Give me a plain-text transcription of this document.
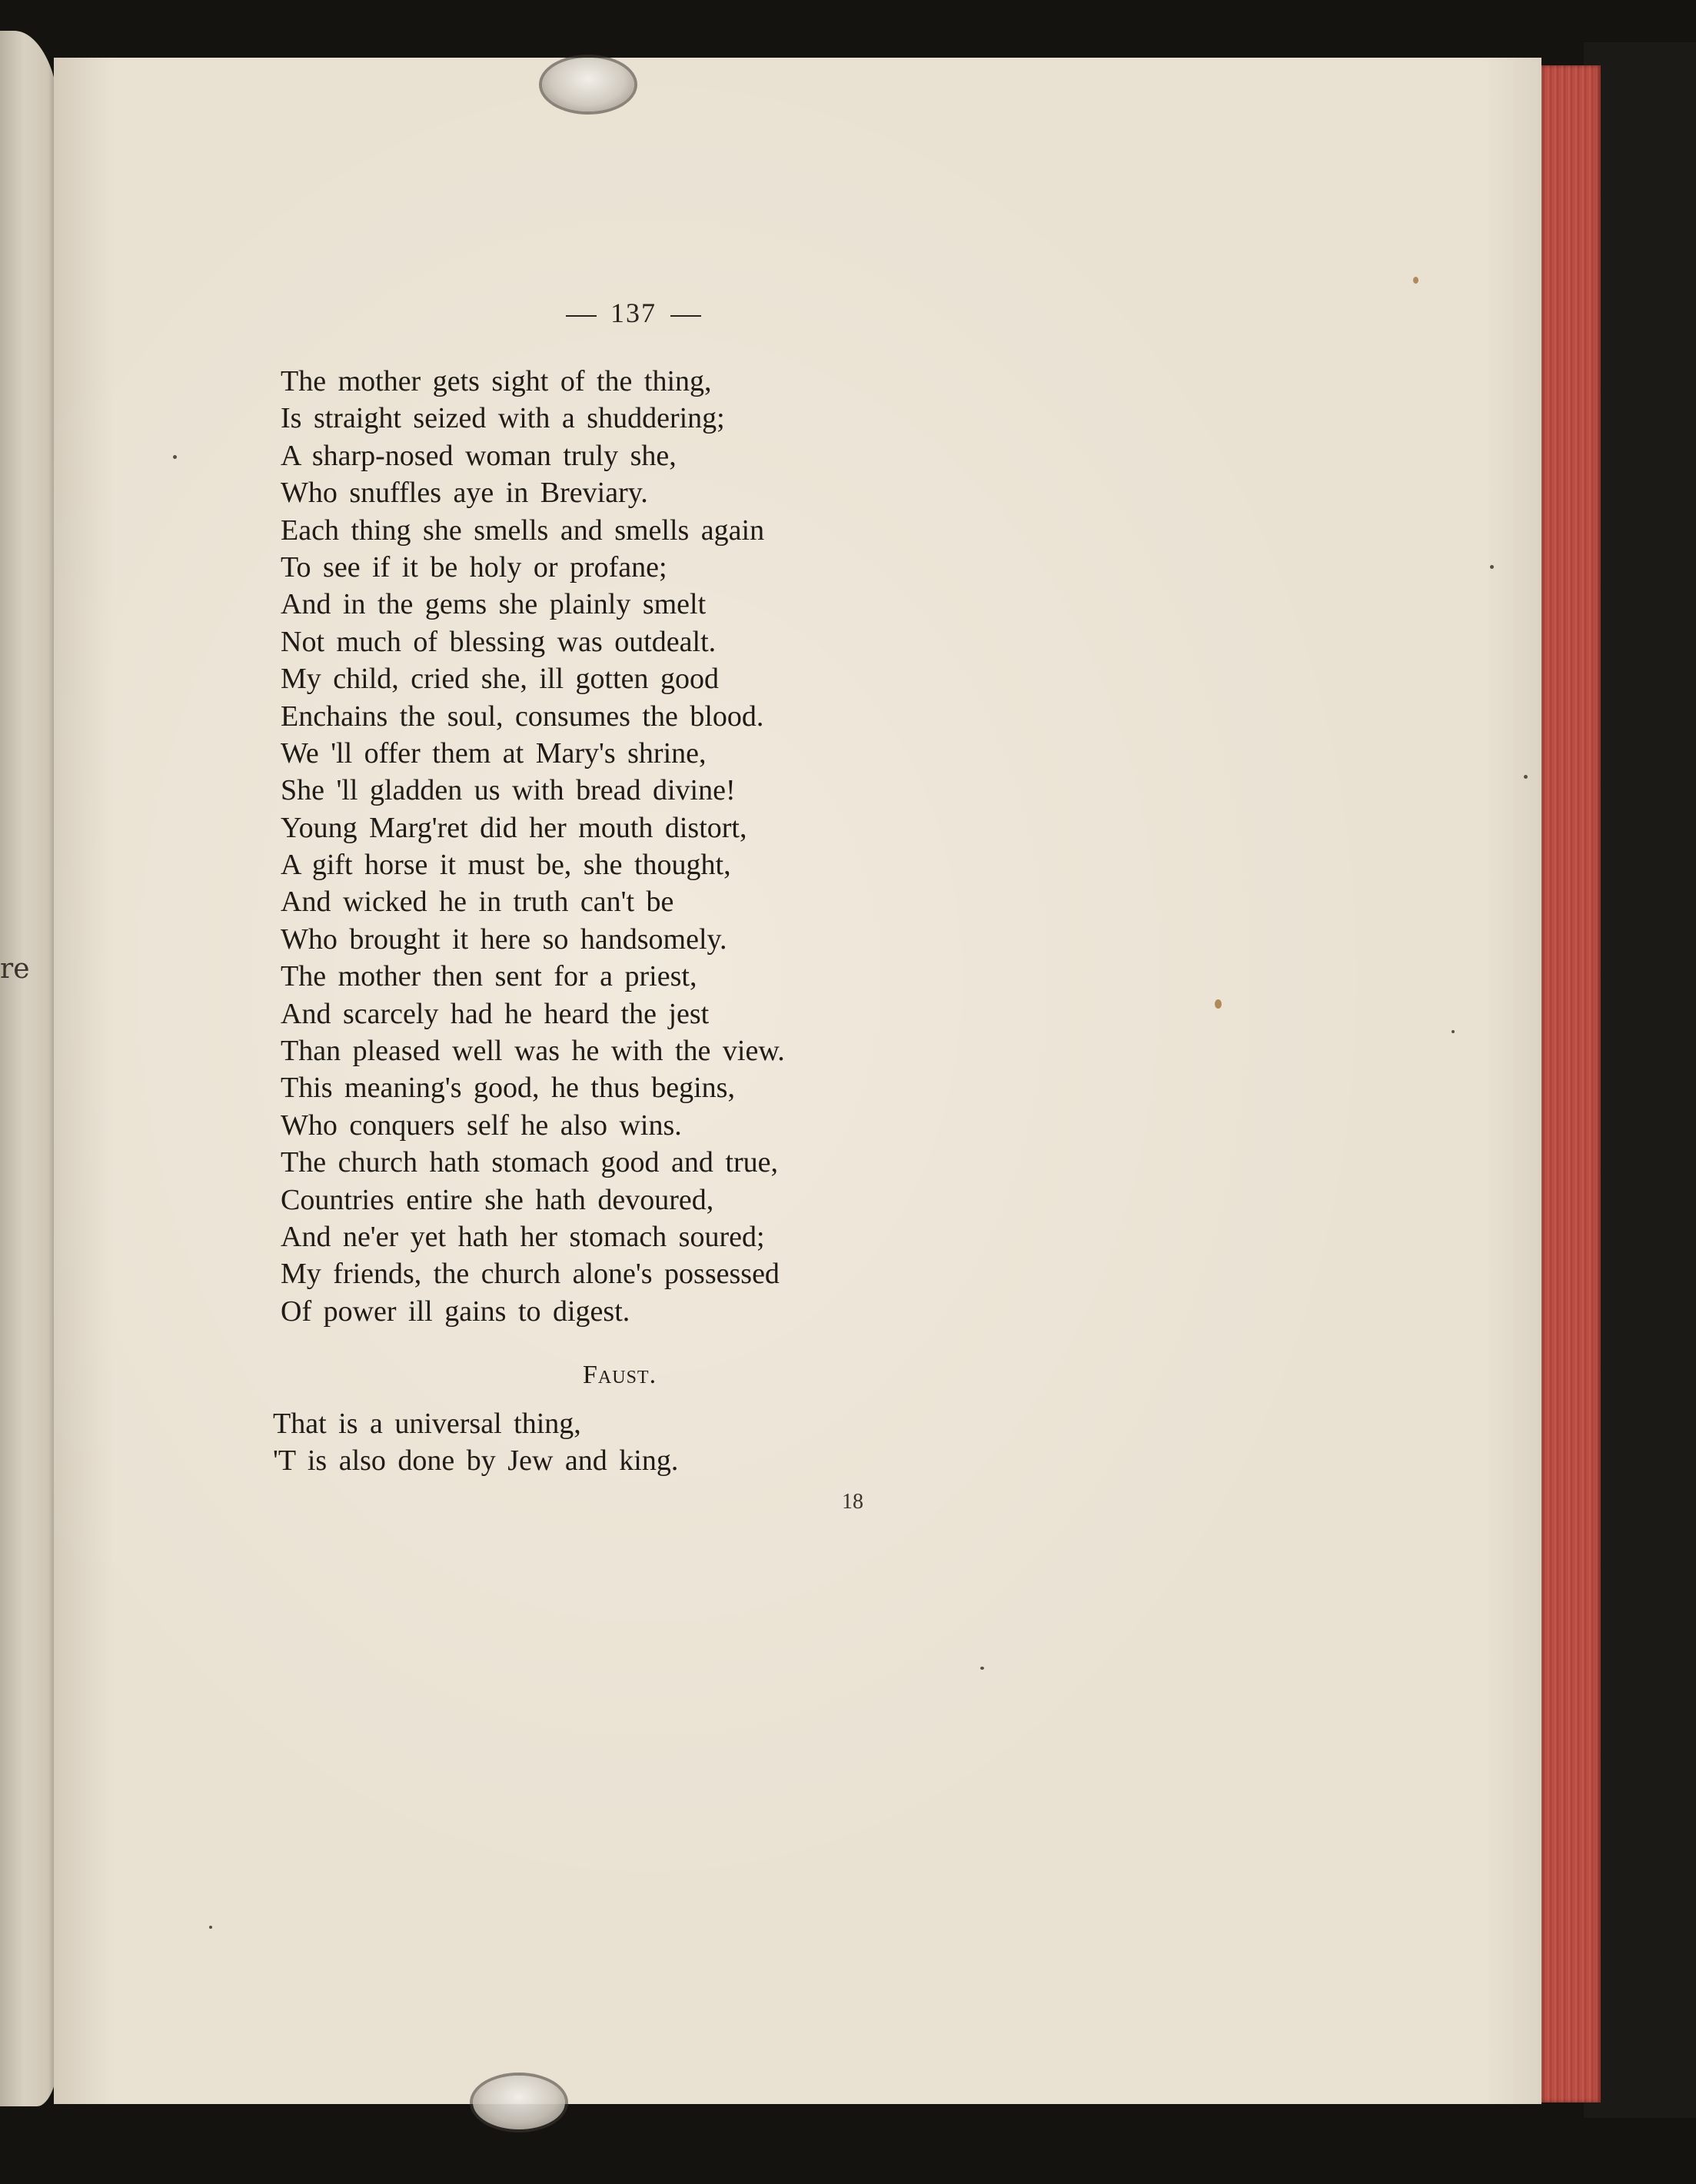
re
137
The mother gets sight of the thing,
Is straight seized with a shuddering;
A sharp-nosed woman truly she,
Who snuffles aye in Breviary.
Each thing she smells and smells again
To see if it be holy or profane;
And in the gems she plainly smelt
Not much of blessing was outdealt.
My child, cried she, ill gotten good
Enchains the soul, consumes the blood.
We 'll offer them at Mary's shrine,
She 'll gladden us with bread divine!
Young Marg'ret did her mouth distort,
A gift horse it must be, she thought,
And wicked he in truth can't be
Who brought it here so handsomely.
The mother then sent for a priest,
And scarcely had he heard the jest
Than pleased well was he with the view.
This meaning's good, he thus begins,
Who conquers self he also wins.
The church hath stomach good and true,
Countries entire she hath devoured,
And ne'er yet hath her stomach soured;
My friends, the church alone's possessed
Of power ill gains to digest.
Faust.
That is a universal thing,
'T is also done by Jew and king.
18
